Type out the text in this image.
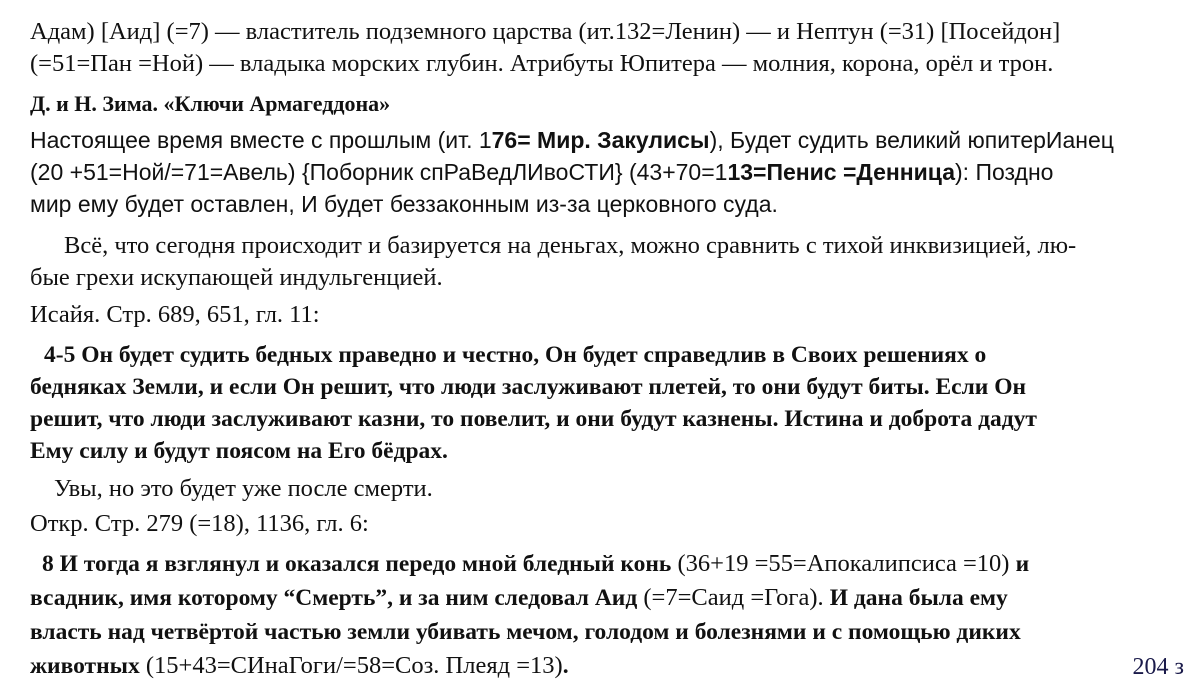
Адам) [Аид] (=7) — властитель подземного царства (ит.132=Ленин) — и Нептун (=31) [Посейдон]
(=51=Пан =Ной) — владыка морских глубин. Атрибуты Юпитера — молния, корона, орёл и трон.
Д. и Н. Зима. «Ключи Армагеддона»
Настоящее время вместе с прошлым (ит. 176= Мир. Закулисы), Будет судить великий юпитерИанец
(20 +51=Ной/=71=Авель) {Поборник спРаВедЛИвоСТИ} (43+70=113=Пенис =Денница): Поздно
мир ему будет оставлен, И будет беззаконным из-за церковного суда.
Всё, что сегодня происходит и базируется на деньгах, можно сравнить с тихой инквизицией, лю-
бые грехи искупающей индульгенцией.
Исайя. Стр. 689, 651, гл. 11:
4-5 Он будет судить бедных праведно и честно, Он будет справедлив в Своих решениях о
бедняках Земли, и если Он решит, что люди заслуживают плетей, то они будут биты. Если Он
решит, что люди заслуживают казни, то повелит, и они будут казнены. Истина и доброта дадут
Ему силу и будут поясом на Его бёдрах.
Увы, но это будет уже после смерти.
Откр. Стр. 279 (=18), 1136, гл. 6:
8 И тогда я взглянул и оказался передо мной бледный конь (36+19 =55=Апокалипсиса =10) и
всадник, имя которому “Смерть”, и за ним следовал Аид (=7=Саид =Гога). И дана была ему
власть над четвёртой частью земли убивать мечом, голодом и болезнями и с помощью диких
животных (15+43=СИнаГоги/=58=Соз. Плеяд =13).	204 з
